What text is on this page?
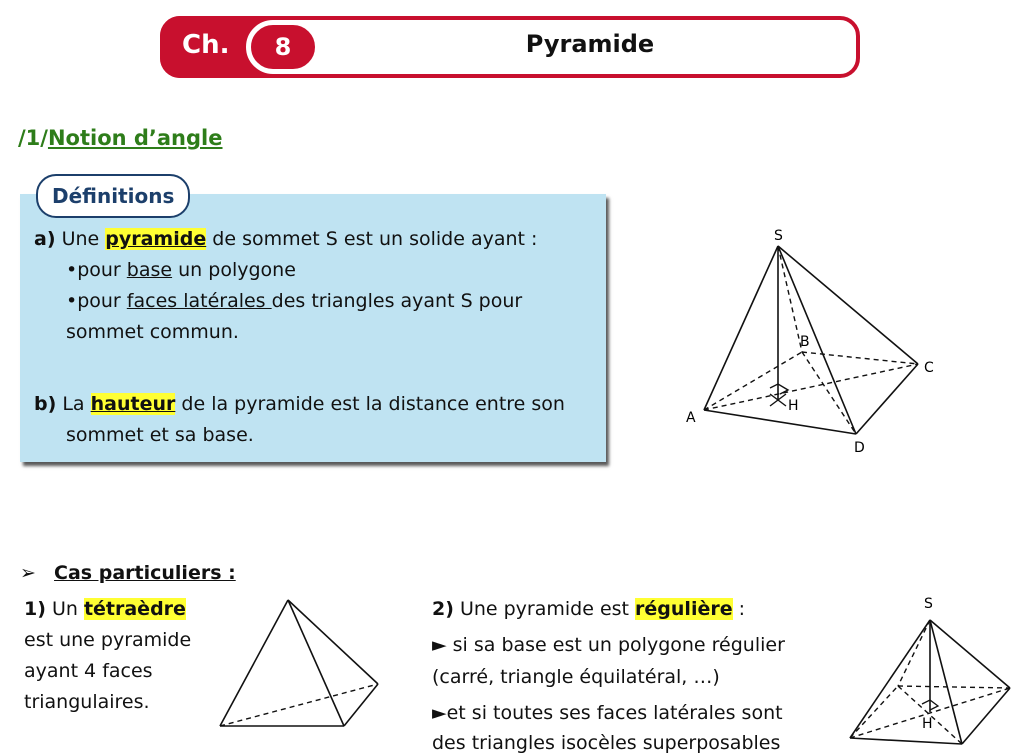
Ch.	8	Pyramide
/1/Notion d’angle
Définitions
a) Une pyramide de sommet S est un solide ayant :
•pour base un polygone
•pour faces latérales des triangles ayant S pour
sommet commun.
b) La hauteur de la pyramide est la distance entre son
sommet et sa base.
S
B
C
H
A
D
➢ Cas particuliers :
1) Un tétraèdre
est une pyramide
ayant 4 faces
triangulaires.
2) Une pyramide est régulière :
► si sa base est un polygone régulier
(carré, triangle équilatéral, …)
►et si toutes ses faces latérales sont
des triangles isocèles superposables
S
H
